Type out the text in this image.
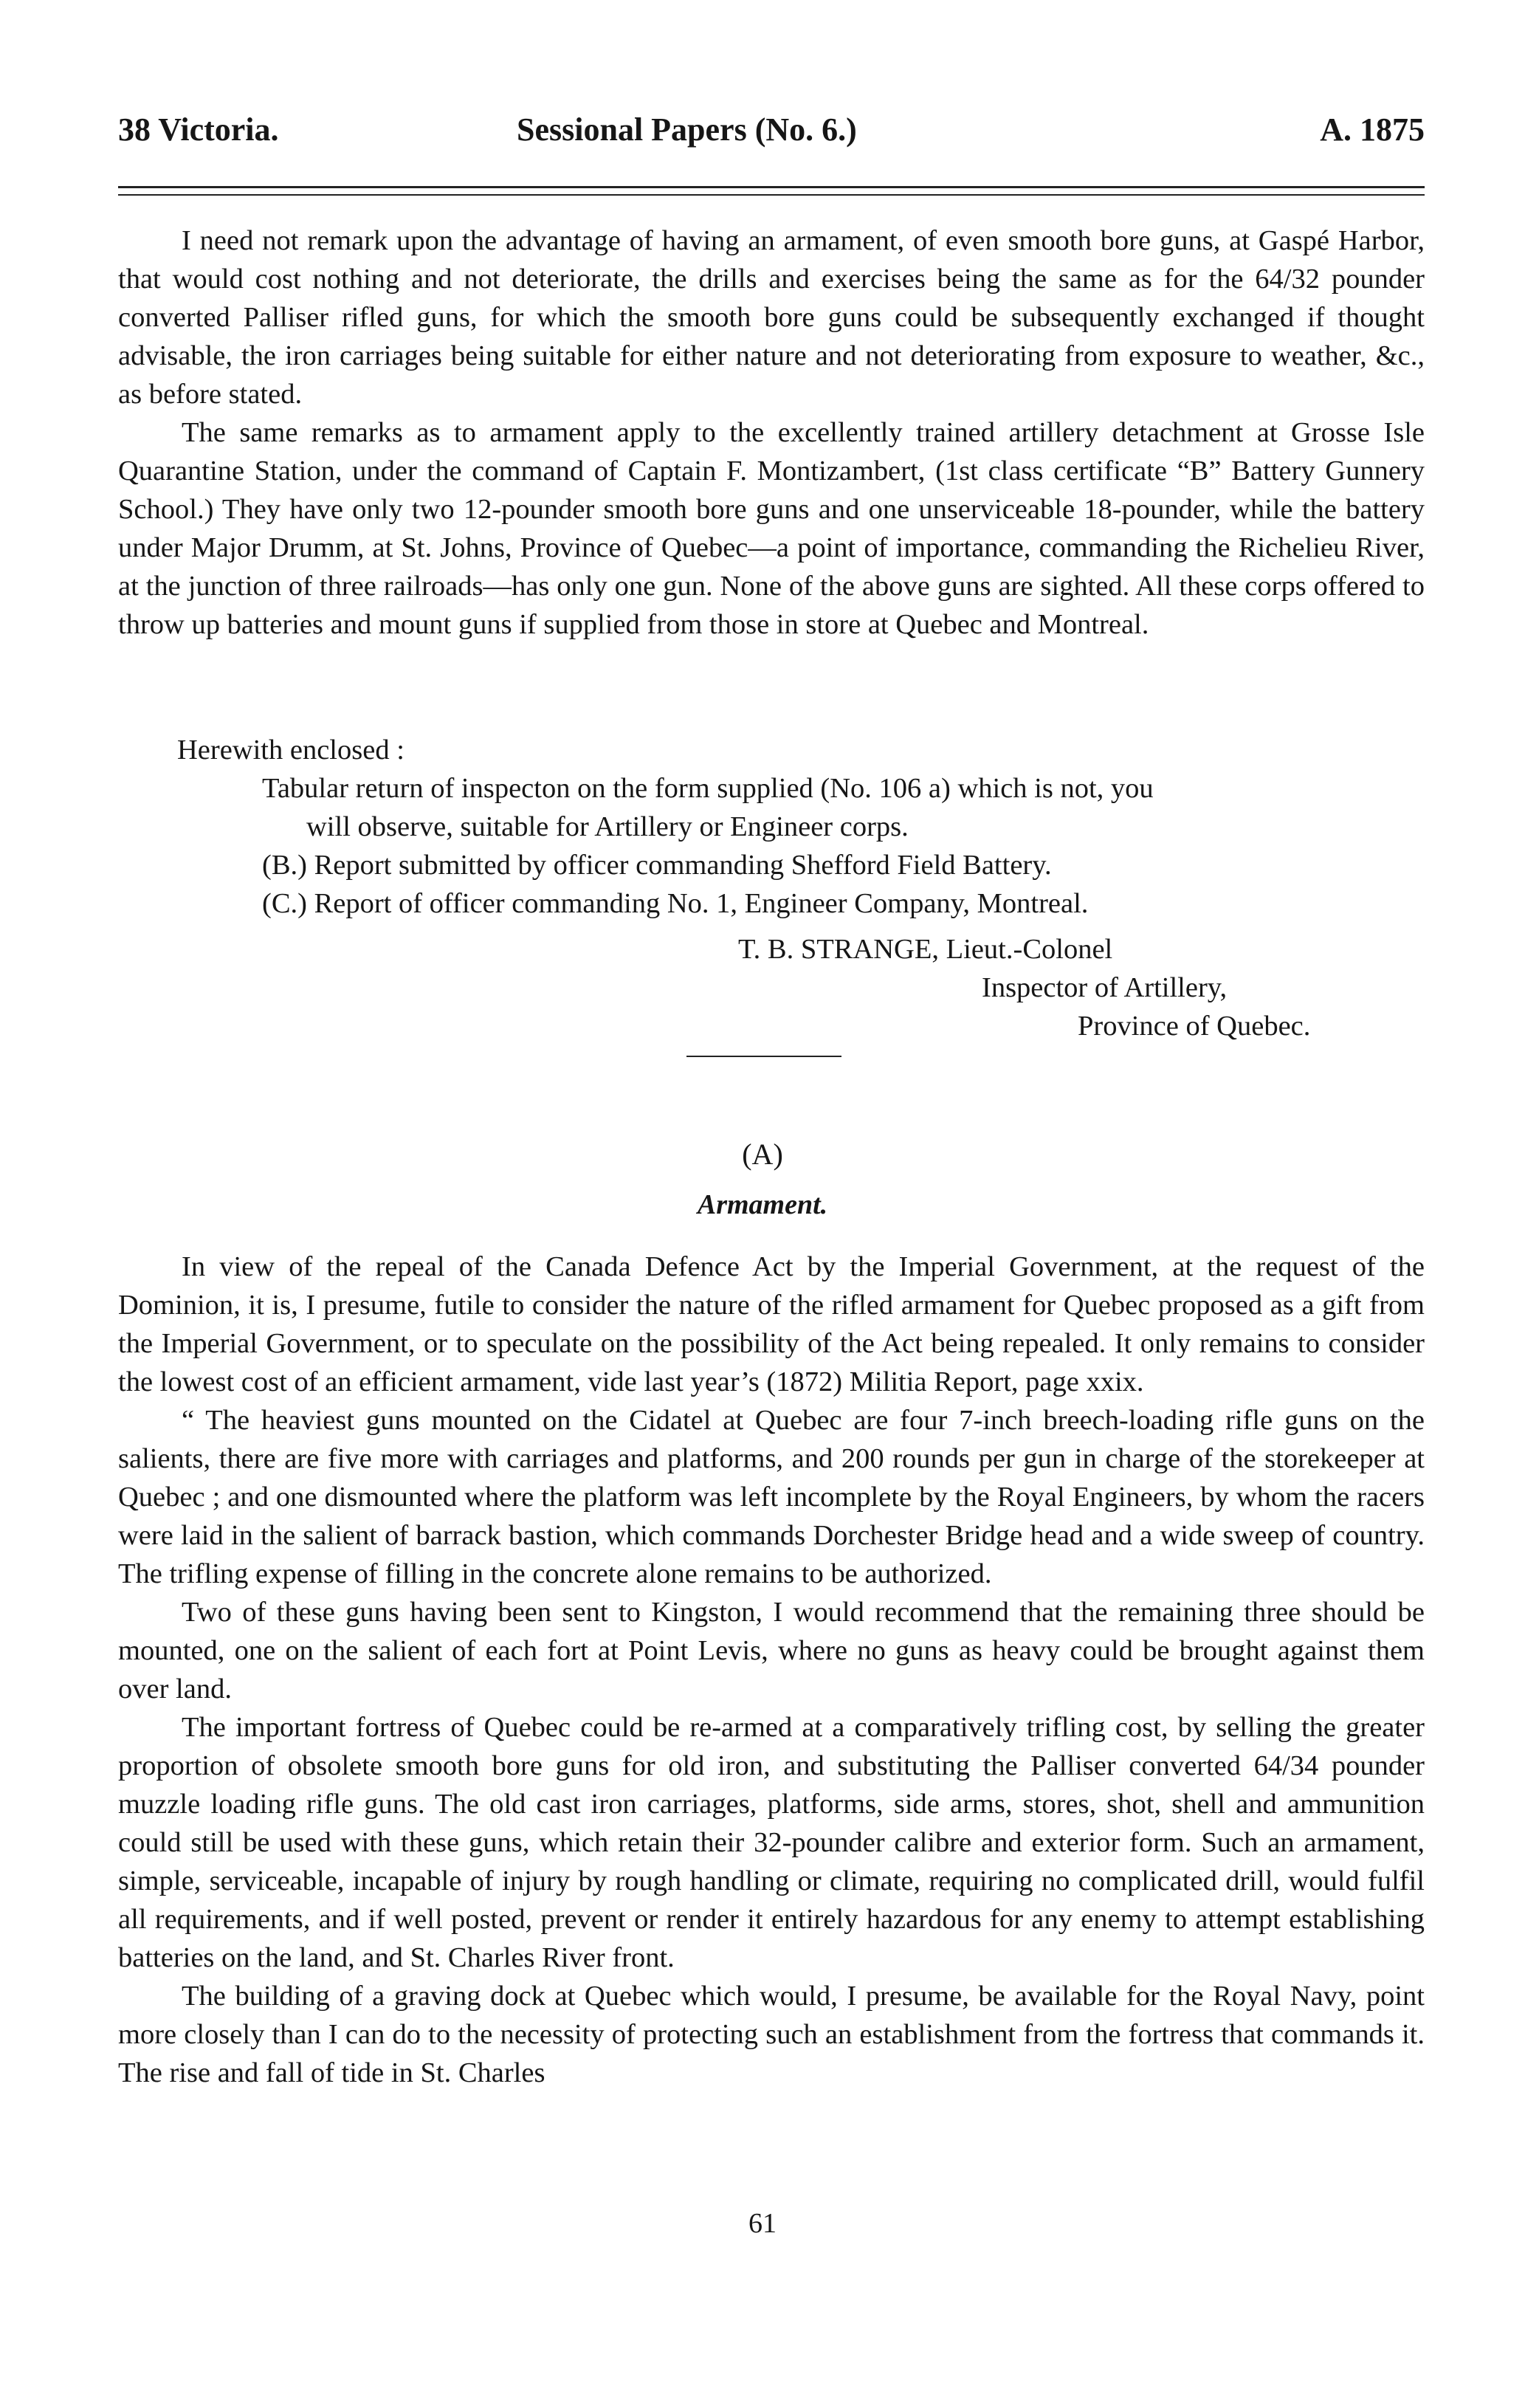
38 Victoria.	Sessional Papers (No. 6.)	A. 1875

I need not remark upon the advantage of having an armament, of even smooth bore guns, at Gaspé Harbor, that would cost nothing and not deteriorate, the drills and exercises being the same as for the 64/32 pounder converted Palliser rifled guns, for which the smooth bore guns could be subsequently exchanged if thought advisable, the iron carriages being suitable for either nature and not deteriorating from exposure to weather, &c., as before stated.

The same remarks as to armament apply to the excellently trained artillery detachment at Grosse Isle Quarantine Station, under the command of Captain F. Montizambert, (1st class certificate “B” Battery Gunnery School.) They have only two 12-pounder smooth bore guns and one unserviceable 18-pounder, while the battery under Major Drumm, at St. Johns, Province of Quebec—a point of importance, commanding the Richelieu River, at the junction of three railroads—has only one gun. None of the above guns are sighted. All these corps offered to throw up batteries and mount guns if supplied from those in store at Quebec and Montreal.

Herewith enclosed :
Tabular return of inspecton on the form supplied (No. 106 a) which is not, you
will observe, suitable for Artillery or Engineer corps.
(B.) Report submitted by officer commanding Shefford Field Battery.
(C.) Report of officer commanding No. 1, Engineer Company, Montreal.
T. B. STRANGE, Lieut.-Colonel
Inspector of Artillery,
Province of Quebec.
(A)
Armament.

In view of the repeal of the Canada Defence Act by the Imperial Government, at the request of the Dominion, it is, I presume, futile to consider the nature of the rifled armament for Quebec proposed as a gift from the Imperial Government, or to speculate on the possibility of the Act being repealed. It only remains to consider the lowest cost of an efficient armament, vide last year’s (1872) Militia Report, page xxix.

“ The heaviest guns mounted on the Cidatel at Quebec are four 7-inch breech-loading rifle guns on the salients, there are five more with carriages and platforms, and 200 rounds per gun in charge of the storekeeper at Quebec ; and one dismounted where the platform was left incomplete by the Royal Engineers, by whom the racers were laid in the salient of barrack bastion, which commands Dorchester Bridge head and a wide sweep of country. The trifling expense of filling in the concrete alone remains to be authorized.

Two of these guns having been sent to Kingston, I would recommend that the remaining three should be mounted, one on the salient of each fort at Point Levis, where no guns as heavy could be brought against them over land.

The important fortress of Quebec could be re-armed at a comparatively trifling cost, by selling the greater proportion of obsolete smooth bore guns for old iron, and substituting the Palliser converted 64/34 pounder muzzle loading rifle guns. The old cast iron carriages, platforms, side arms, stores, shot, shell and ammunition could still be used with these guns, which retain their 32-pounder calibre and exterior form. Such an armament, simple, serviceable, incapable of injury by rough handling or climate, requiring no complicated drill, would fulfil all requirements, and if well posted, prevent or render it entirely hazardous for any enemy to attempt establishing batteries on the land, and St. Charles River front.

The building of a graving dock at Quebec which would, I presume, be available for the Royal Navy, point more closely than I can do to the necessity of protecting such an establishment from the fortress that commands it. The rise and fall of tide in St. Charles

61
